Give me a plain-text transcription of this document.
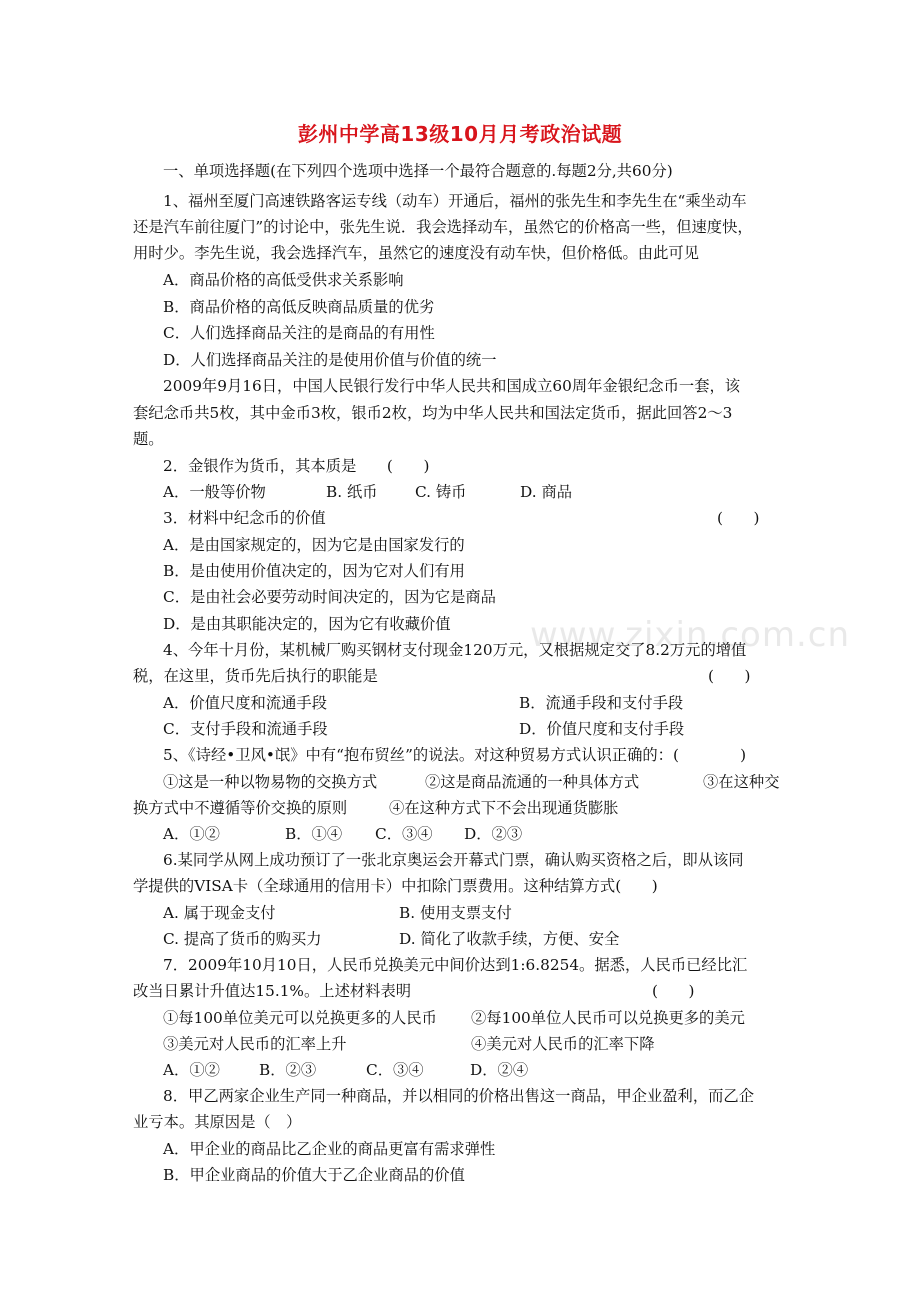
www.zixin.com.cn
彭州中学高13级10月月考政治试题
一、单项选择题(在下列四个选项中选择一个最符合题意的.每题2分,共60分)
1、福州至厦门高速铁路客运专线（动车）开通后，福州的张先生和李先生在“乘坐动车
还是汽车前往厦门”的讨论中，张先生说．我会选择动车，虽然它的价格高一些，但速度快，
用时少。李先生说，我会选择汽车，虽然它的速度没有动车快，但价格低。由此可见
A．商品价格的高低受供求关系影响
B．商品价格的高低反映商品质量的优劣
C．人们选择商品关注的是商品的有用性
D．人们选择商品关注的是使用价值与价值的统一
2009年9月16日，中国人民银行发行中华人民共和国成立60周年金银纪念币一套，该
套纪念币共5枚，其中金币3枚，银币2枚，均为中华人民共和国法定货币，据此回答2～3
题。
2．金银作为货币，其本质是　　(　　)
A．一般等价物	B. 纸币 C. 铸币	D. 商品
3．材料中纪念币的价值	(　　)
A．是由国家规定的，因为它是由国家发行的
B．是由使用价值决定的，因为它对人们有用
C．是由社会必要劳动时间决定的，因为它是商品
D．是由其职能决定的，因为它有收藏价值
4、今年十月份，某机械厂购买钢材支付现金120万元，又根据规定交了8.2万元的增值
税，在这里，货币先后执行的职能是	(　　)
A．价值尺度和流通手段	B．流通手段和支付手段
C．支付手段和流通手段	D．价值尺度和支付手段
5、《诗经•卫风•氓》中有“抱布贸丝”的说法。对这种贸易方式认识正确的：(　　　　)
①这是一种以物易物的交换方式	②这是商品流通的一种具体方式	③在这种交
换方式中不遵循等价交换的原则	④在这种方式下不会出现通货膨胀
A．①②	B．①④ C．③④ D．②③
6.某同学从网上成功预订了一张北京奥运会开幕式门票，确认购买资格之后，即从该同
学提供的VISA卡（全球通用的信用卡）中扣除门票费用。这种结算方式(　　)
A. 属于现金支付	B. 使用支票支付
C. 提高了货币的购买力	D. 简化了收款手续，方便、安全
7．2009年10月10日，人民币兑换美元中间价达到1:6.8254。据悉，人民币已经比汇
改当日累计升值达15.1%。上述材料表明	(　　)
①每100单位美元可以兑换更多的人民币 ②每100单位人民币可以兑换更多的美元
③美元对人民币的汇率上升	④美元对人民币的汇率下降
A．①②	B．②③	C．③④	D．②④
8．甲乙两家企业生产同一种商品，并以相同的价格出售这一商品，甲企业盈利，而乙企
业亏本。其原因是（　）
A．甲企业的商品比乙企业的商品更富有需求弹性
B．甲企业商品的价值大于乙企业商品的价值
